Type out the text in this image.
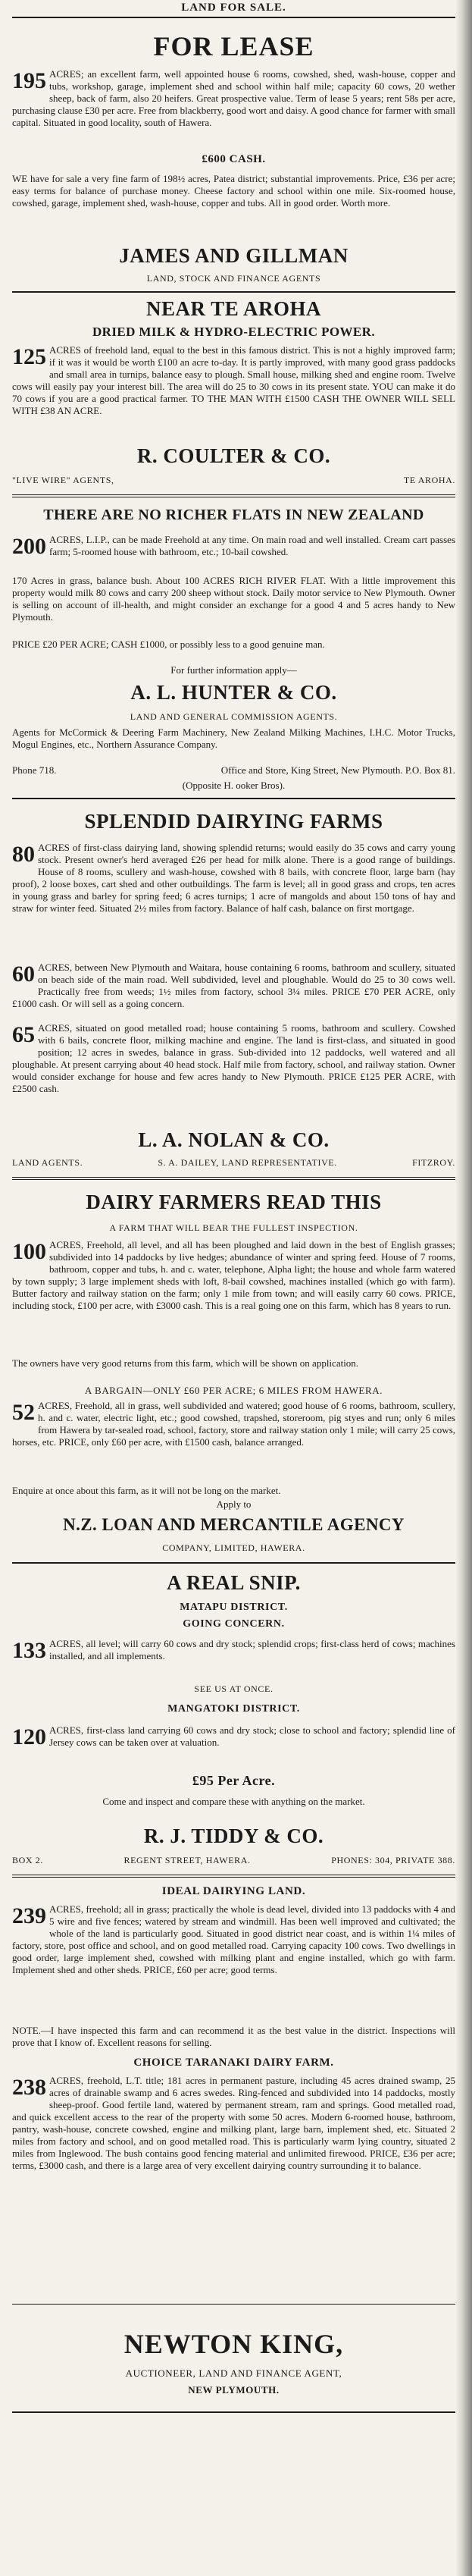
LAND FOR SALE.
FOR LEASE
195 ACRES; an excellent farm, well appointed house 6 rooms, cowshed, shed, wash-house, copper and tubs, workshop, garage, implement shed and school within half mile; capacity 60 cows, 20 wether sheep, back of farm, also 20 heifers. Great prospective value. Term of lease 5 years; rent 58s per acre, purchasing clause £30 per acre. Free from blackberry, good wort and daisy. A good chance for farmer with small capital. Situated in good locality, south of Hawera.
£600 CASH.
WE have for sale a very fine farm of 198½ acres, Patea district; substantial improvements. Price, £36 per acre; easy terms for balance of purchase money. Cheese factory and school within one mile. Six-roomed house, cowshed, garage, implement shed, wash-house, copper and tubs. All in good order. Worth more.
JAMES AND GILLMAN
LAND, STOCK AND FINANCE AGENTS
NEAR TE AROHA
DRIED MILK & HYDRO-ELECTRIC POWER.
125 ACRES of freehold land, equal to the best in this famous district. This is not a highly improved farm; if it was it would be worth £100 an acre to-day. It is partly improved, with many good grass paddocks and small area in turnips, balance easy to plough. Small house, milking shed and engine room. Twelve cows will easily pay your interest bill. The area will do 25 to 30 cows in its present state. YOU can make it do 70 cows if you are a good practical farmer. TO THE MAN WITH £1500 CASH THE OWNER WILL SELL WITH £38 AN ACRE.
R. COULTER & CO.
"LIVE WIRE" AGENTS,	TE AROHA.
THERE ARE NO RICHER FLATS IN NEW ZEALAND
200 ACRES, L.I.P., can be made Freehold at any time. On main road and well installed. Cream cart passes farm; 5-roomed house with bathroom, etc.; 10-bail cowshed.
170 Acres in grass, balance bush. About 100 ACRES RICH RIVER FLAT. With a little improvement this property would milk 80 cows and carry 200 sheep without stock. Daily motor service to New Plymouth. Owner is selling on account of ill-health, and might consider an exchange for a good 4 and 5 acres handy to New Plymouth.
PRICE £20 PER ACRE; CASH £1000, or possibly less to a good genuine man.
For further information apply—
A. L. HUNTER & CO.
LAND AND GENERAL COMMISSION AGENTS.
Agents for McCormick & Deering Farm Machinery, New Zealand Milking Machines, I.H.C. Motor Trucks, Mogul Engines, etc., Northern Assurance Company.
Phone 718.	Office and Store, King Street, New Plymouth. P.O. Box 81.
(Opposite H. ooker Bros).
SPLENDID DAIRYING FARMS
80 ACRES of first-class dairying land, showing splendid returns; would easily do 35 cows and carry young stock. Present owner's herd averaged £26 per head for milk alone. There is a good range of buildings. House of 8 rooms, scullery and wash-house, cowshed with 8 bails, with concrete floor, large barn (hay proof), 2 loose boxes, cart shed and other outbuildings. The farm is level; all in good grass and crops, ten acres in young grass and barley for spring feed; 6 acres turnips; 1 acre of mangolds and about 150 tons of hay and straw for winter feed. Situated 2½ miles from factory. Balance of half cash, balance on first mortgage.
60 ACRES, between New Plymouth and Waitara, house containing 6 rooms, bathroom and scullery, situated on beach side of the main road. Well subdivided, level and ploughable. Would do 25 to 30 cows well. Practically free from weeds; 1½ miles from factory, school 3¼ miles. PRICE £70 PER ACRE, only £1000 cash. Or will sell as a going concern.
65 ACRES, situated on good metalled road; house containing 5 rooms, bathroom and scullery. Cowshed with 6 bails, concrete floor, milking machine and engine. The land is first-class, and situated in good position; 12 acres in swedes, balance in grass. Sub-divided into 12 paddocks, well watered and all ploughable. At present carrying about 40 head stock. Half mile from factory, school, and railway station. Owner would consider exchange for house and few acres handy to New Plymouth. PRICE £125 PER ACRE, with £2500 cash.
L. A. NOLAN & CO.
LAND AGENTS.	S. A. DAILEY, LAND REPRESENTATIVE.	FITZROY.
DAIRY FARMERS READ THIS
A FARM THAT WILL BEAR THE FULLEST INSPECTION.
100 ACRES, Freehold, all level, and all has been ploughed and laid down in the best of English grasses; subdivided into 14 paddocks by live hedges; abundance of winter and spring feed. House of 7 rooms, bathroom, copper and tubs, h. and c. water, telephone, Alpha light; the house and whole farm watered by town supply; 3 large implement sheds with loft, 8-bail cowshed, machines installed (which go with farm). Butter factory and railway station on the farm; only 1 mile from town; and will easily carry 60 cows. PRICE, including stock, £100 per acre, with £3000 cash. This is a real going one on this farm, which has 8 years to run.
The owners have very good returns from this farm, which will be shown on application.
A BARGAIN—ONLY £60 PER ACRE; 6 MILES FROM HAWERA.
52 ACRES, Freehold, all in grass, well subdivided and watered; good house of 6 rooms, bathroom, scullery, h. and c. water, electric light, etc.; good cowshed, trapshed, storeroom, pig styes and run; only 6 miles from Hawera by tar-sealed road, school, factory, store and railway station only 1 mile; will carry 25 cows, horses, etc. PRICE, only £60 per acre, with £1500 cash, balance arranged.
Enquire at once about this farm, as it will not be long on the market.
Apply to
N.Z. LOAN AND MERCANTILE AGENCY
COMPANY, LIMITED, HAWERA.
A REAL SNIP.
MATAPU DISTRICT.
GOING CONCERN.
133 ACRES, all level; will carry 60 cows and dry stock; splendid crops; first-class herd of cows; machines installed, and all implements.
SEE US AT ONCE.
MANGATOKI DISTRICT.
120 ACRES, first-class land carrying 60 cows and dry stock; close to school and factory; splendid line of Jersey cows can be taken over at valuation.
£95 Per Acre.
Come and inspect and compare these with anything on the market.
R. J. TIDDY & CO.
BOX 2.	REGENT STREET, HAWERA.	PHONES: 304, PRIVATE 388.
IDEAL DAIRYING LAND.
239 ACRES, freehold; all in grass; practically the whole is dead level, divided into 13 paddocks with 4 and 5 wire and five fences; watered by stream and windmill. Has been well improved and cultivated; the whole of the land is particularly good. Situated in good district near coast, and is within 1¼ miles of factory, store, post office and school, and on good metalled road. Carrying capacity 100 cows. Two dwellings in good order, large implement shed, cowshed with milking plant and engine installed, which go with farm. Implement shed and other sheds. PRICE, £60 per acre; good terms.
NOTE.—I have inspected this farm and can recommend it as the best value in the district. Inspections will prove that I know of. Excellent reasons for selling.
CHOICE TARANAKI DAIRY FARM.
238 ACRES, freehold, L.T. title; 181 acres in permanent pasture, including 45 acres drained swamp, 25 acres of drainable swamp and 6 acres swedes. Ring-fenced and subdivided into 14 paddocks, mostly sheep-proof. Good fertile land, watered by permanent stream, ram and springs. Good metalled road, and quick excellent access to the rear of the property with some 50 acres. Modern 6-roomed house, bathroom, pantry, wash-house, concrete cowshed, engine and milking plant, large barn, implement shed, etc. Situated 2 miles from factory and school, and on good metalled road. This is particularly warm lying country, situated 2 miles from Inglewood. The bush contains good fencing material and unlimited firewood. PRICE, £36 per acre; terms, £3000 cash, and there is a large area of very excellent dairying country surrounding it to balance.
NEWTON KING,
AUCTIONEER, LAND AND FINANCE AGENT,
NEW PLYMOUTH.
